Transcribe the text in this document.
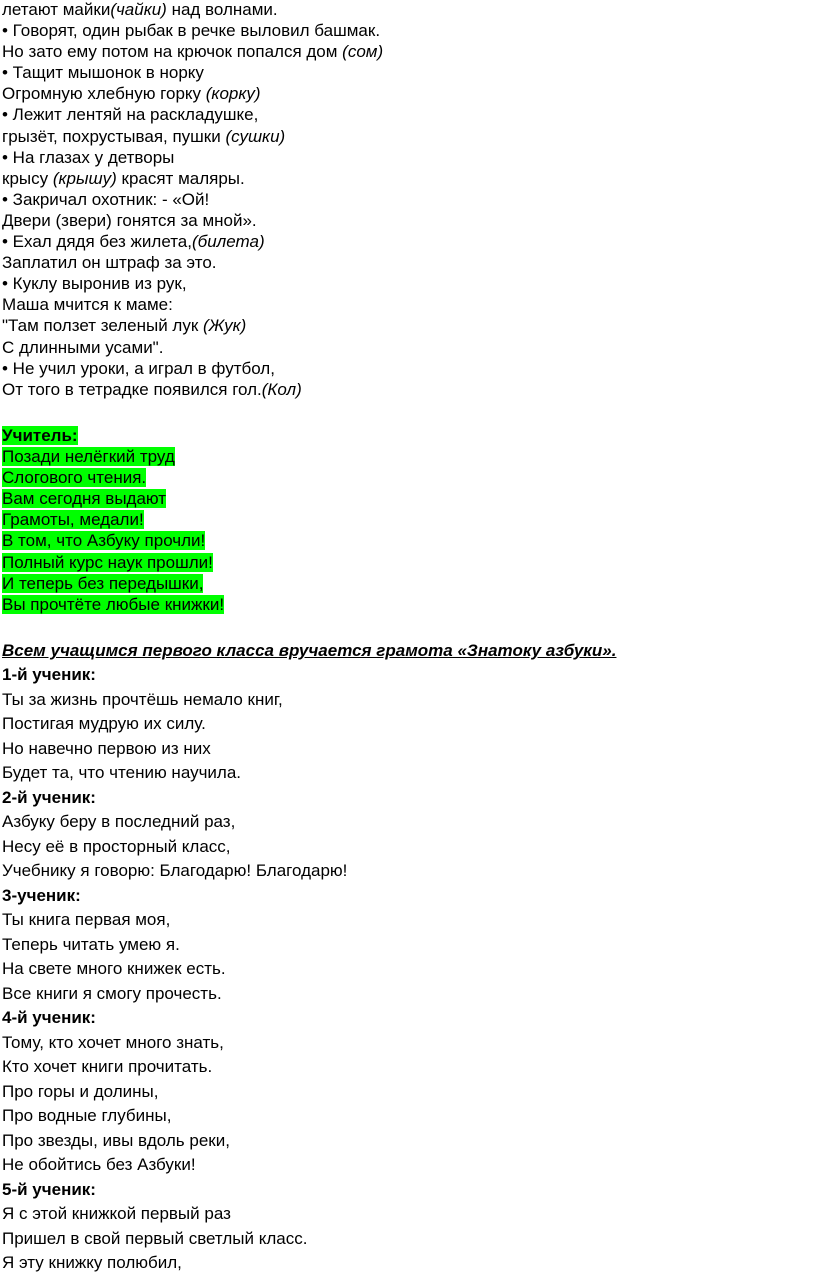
летают майки(чайки) над волнами.
• Говорят, один рыбак в речке выловил башмак.
Но зато ему потом на крючок попался дом (сом)
• Тащит мышонок в норку
Огромную хлебную горку (корку)
• Лежит лентяй на раскладушке,
грызёт, похрустывая, пушки (сушки)
• На глазах у детворы
крысу (крышу) красят маляры.
• Закричал охотник: - «Ой!
Двери (звери) гонятся за мной».
• Ехал дядя без жилета,(билета)
Заплатил он штраф за это.
• Куклу выронив из рук,
Маша мчится к маме:
"Там ползет зеленый лук (Жук)
С длинными усами".
• Не учил уроки, а играл в футбол,
От того в тетрадке появился гол.(Кол)
Учитель:
Позади нелёгкий труд
Слогового чтения.
Вам сегодня выдают
Грамоты, медали!
В том, что Азбуку прочли!
Полный курс наук прошли!
И теперь без передышки,
Вы прочтёте любые книжки!
Всем учащимся первого класса вручается грамота «Знатоку азбуки».
1-й ученик:
Ты за жизнь прочтёшь немало книг,
Постигая мудрую их силу.
Но навечно первою из них
Будет та, что чтению научила.
2-й ученик:
Азбуку беру в последний раз,
Несу её в просторный класс,
Учебнику я говорю: Благодарю! Благодарю!
3-ученик:
Ты книга первая моя,
Теперь читать умею я.
На свете много книжек есть.
Все книги я смогу прочесть.
4-й ученик:
Тому, кто хочет много знать,
Кто хочет книги прочитать.
Про горы и долины,
Про водные глубины,
Про звезды, ивы вдоль реки,
Не обойтись без Азбуки!
5-й ученик:
Я с этой книжкой первый раз
Пришел в свой первый светлый класс.
Я эту книжку полюбил,
